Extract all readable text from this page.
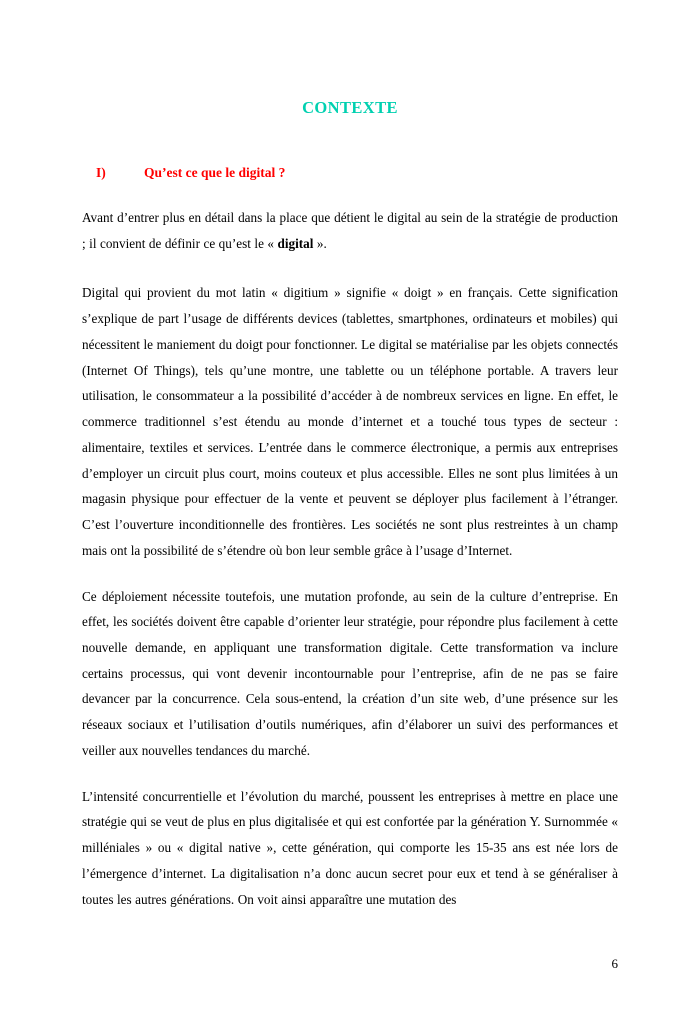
CONTEXTE
I)	Qu’est ce que le digital ?

Avant d’entrer plus en détail dans la place que détient le digital au sein de la stratégie de production ; il convient de définir ce qu’est le « digital ».

Digital qui provient du mot latin « digitium » signifie « doigt » en français. Cette signification s’explique de part l’usage de différents devices (tablettes, smartphones, ordinateurs et mobiles) qui nécessitent le maniement du doigt pour fonctionner. Le digital se matérialise par les objets connectés (Internet Of Things), tels qu’une montre, une tablette ou un téléphone portable. A travers leur utilisation, le consommateur a la possibilité d’accéder à de nombreux services en ligne. En effet, le commerce traditionnel s’est étendu au monde d’internet et a touché tous types de secteur : alimentaire, textiles et services. L’entrée dans le commerce électronique, a permis aux entreprises d’employer un circuit plus court, moins couteux et plus accessible. Elles ne sont plus limitées à un magasin physique pour effectuer de la vente et peuvent se déployer plus facilement à l’étranger. C’est l’ouverture inconditionnelle des frontières. Les sociétés ne sont plus restreintes à un champ mais ont la possibilité de s’étendre où bon leur semble grâce à l’usage d’Internet.

Ce déploiement nécessite toutefois, une mutation profonde, au sein de la culture d’entreprise. En effet, les sociétés doivent être capable d’orienter leur stratégie, pour répondre plus facilement à cette nouvelle demande, en appliquant une transformation digitale. Cette transformation va inclure certains processus, qui vont devenir incontournable pour l’entreprise, afin de ne pas se faire devancer par la concurrence. Cela sous-entend, la création d’un site web, d’une présence sur les réseaux sociaux et l’utilisation d’outils numériques, afin d’élaborer un suivi des performances et veiller aux nouvelles tendances du marché.

L’intensité concurrentielle et l’évolution du marché, poussent les entreprises à mettre en place une stratégie qui se veut de plus en plus digitalisée et qui est confortée par la génération Y. Surnommée « milléniales » ou « digital native », cette génération, qui comporte les 15-35 ans est née lors de l’émergence d’internet. La digitalisation n’a donc aucun secret pour eux et tend à se généraliser à toutes les autres générations. On voit ainsi apparaître une mutation des

6
